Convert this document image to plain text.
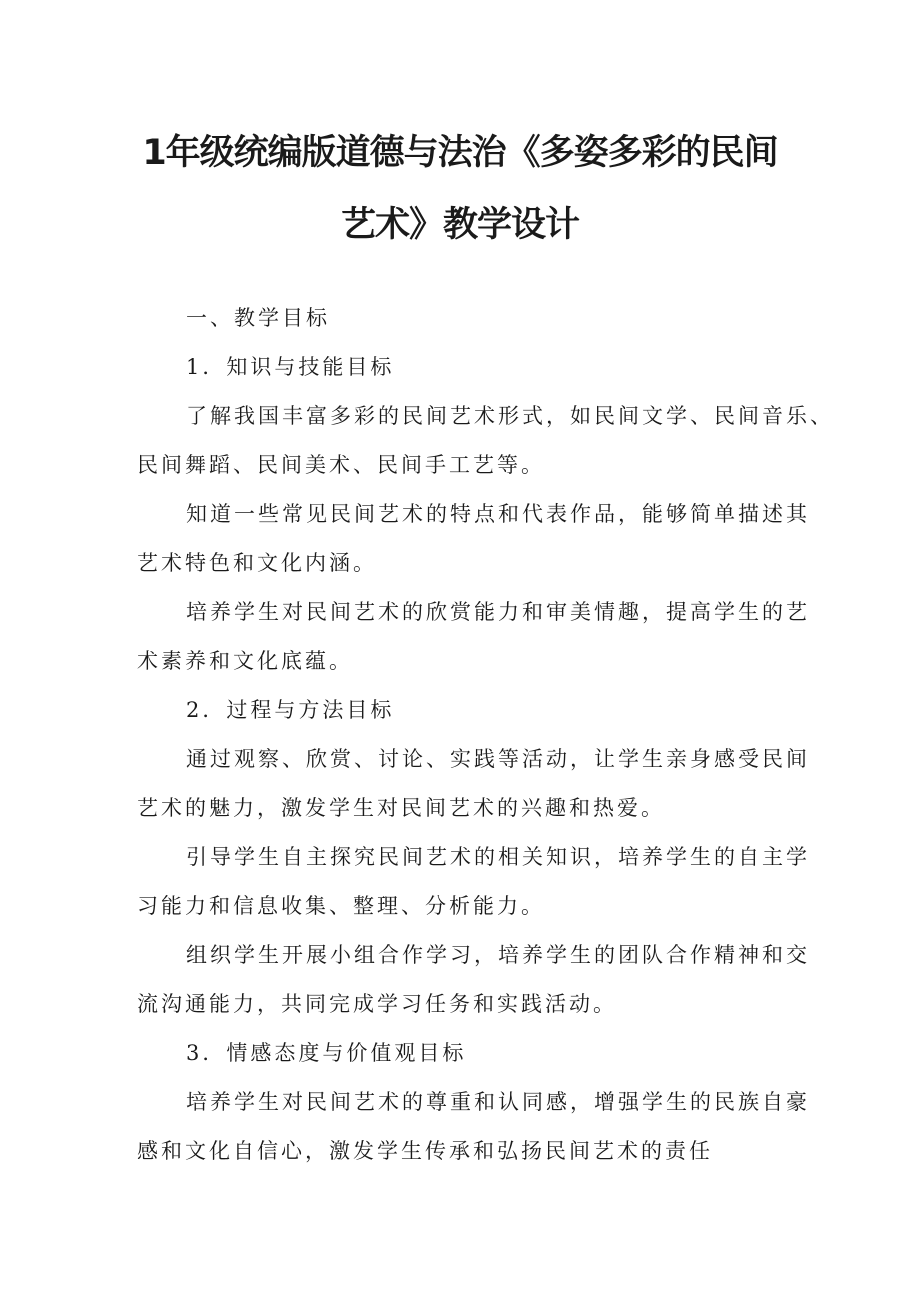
1年级统编版道德与法治《多姿多彩的民间
艺术》教学设计

一、教学目标

1．知识与技能目标

了解我国丰富多彩的民间艺术形式，如民间文学、民间音乐、

民间舞蹈、民间美术、民间手工艺等。

知道一些常见民间艺术的特点和代表作品，能够简单描述其

艺术特色和文化内涵。

培养学生对民间艺术的欣赏能力和审美情趣，提高学生的艺

术素养和文化底蕴。

2．过程与方法目标

通过观察、欣赏、讨论、实践等活动，让学生亲身感受民间

艺术的魅力，激发学生对民间艺术的兴趣和热爱。

引导学生自主探究民间艺术的相关知识，培养学生的自主学

习能力和信息收集、整理、分析能力。

组织学生开展小组合作学习，培养学生的团队合作精神和交

流沟通能力，共同完成学习任务和实践活动。

3．情感态度与价值观目标

培养学生对民间艺术的尊重和认同感，增强学生的民族自豪

感和文化自信心，激发学生传承和弘扬民间艺术的责任
